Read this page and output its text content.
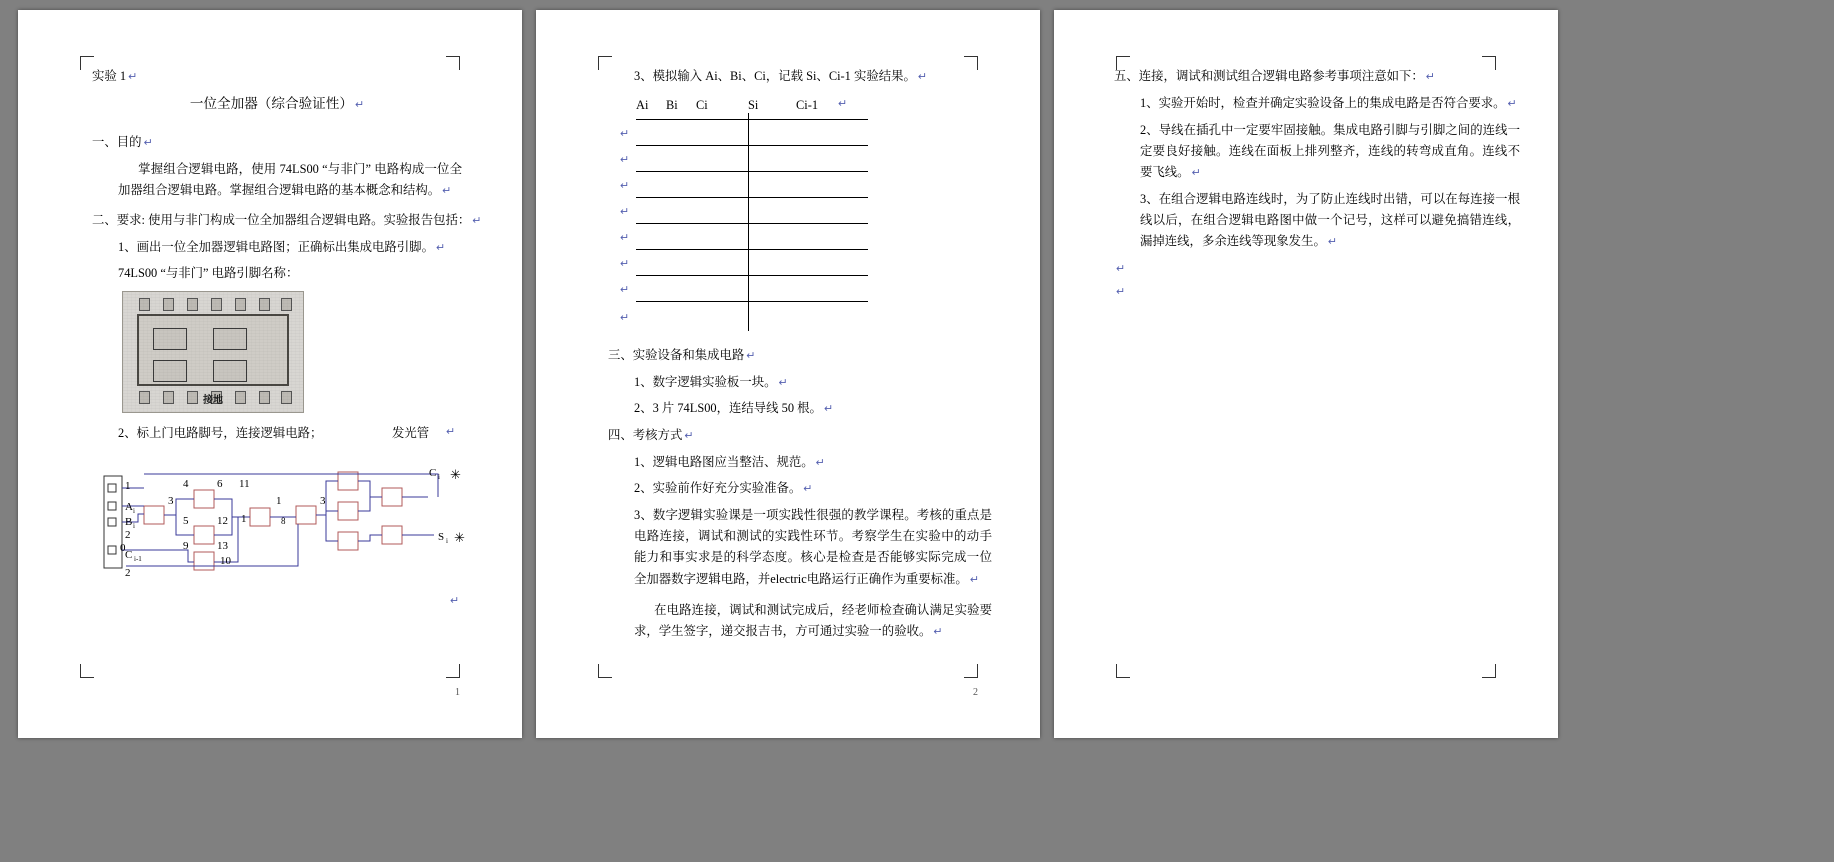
实验 1 ↵

一位全加器（综合验证性） ↵

一、目的 ↵

掌握组合逻辑电路，使用 74LS00 “与非门” 电路构成一位全加器组合逻辑电路。掌握组合逻辑电路的基本概念和结构。 ↵

二、要求: 使用与非门构成一位全加器组合逻辑电路。实验报告包括： ↵

1、画出一位全加器逻辑电路图；正确标出集成电路引脚。 ↵

74LS00 “与非门” 电路引脚名称：

接地

2、标上门电路脚号，连接逻辑电路；	发光管 ↵

1
A i
B i
2
0
C i-1
2
3
4
5
9
6
12
13
10
11
1
1
8
3
C i
S i
✳
✳

↵

1

3、模拟输入 Ai、Bi、Ci，记载 Si、Ci-1 实验结果。 ↵

Ai	Bi	Ci	Si	Ci-1	↵
↵
↵
↵
↵
↵
↵
↵
↵

三、实验设备和集成电路 ↵

1、数字逻辑实验板一块。 ↵

2、3 片 74LS00，连结导线 50 根。 ↵

四、考核方式 ↵

1、逻辑电路图应当整洁、规范。 ↵

2、实验前作好充分实验准备。 ↵

3、数字逻辑实验课是一项实践性很强的教学课程。考核的重点是电路连接，调试和测试的实践性环节。考察学生在实验中的动手能力和事实求是的科学态度。核心是检查是否能够实际完成一位全加器数字逻辑电路，并electric电路运行正确作为重要标准。 ↵

在电路连接，调试和测试完成后，经老师检查确认满足实验要求，学生签字，递交报吉书，方可通过实验一的验收。 ↵

2

五、连接，调试和测试组合逻辑电路参考事项注意如下： ↵

1、实验开始时，检查并确定实验设备上的集成电路是否符合要求。 ↵

2、导线在插孔中一定要牢固接触。集成电路引脚与引脚之间的连线一定要良好接触。连线在面板上排列整齐，连线的转弯成直角。连线不要飞线。 ↵

3、在组合逻辑电路连线时，为了防止连线时出错，可以在每连接一根线以后，在组合逻辑电路图中做一个记号，这样可以避免搞错连线，漏掉连线，多余连线等现象发生。 ↵

↵

↵
